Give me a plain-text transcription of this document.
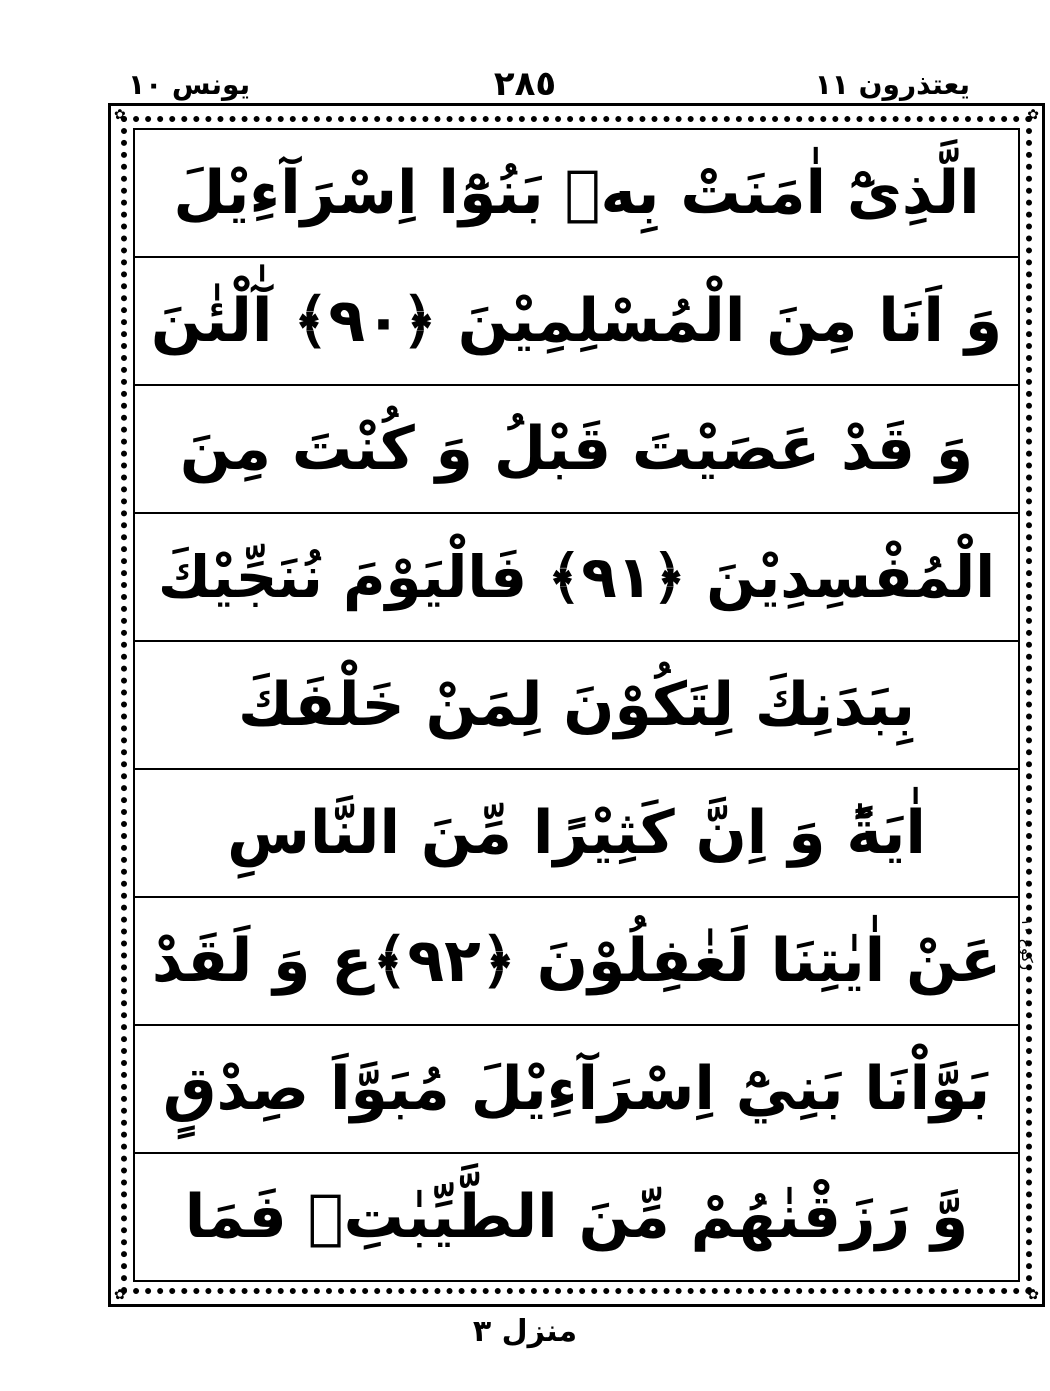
يعتذرون ١١
٢٨٥
يونس ١٠
✿	✿
✿	✿
الَّذِىْٓ اٰمَنَتْ بِهٖ بَنُوْٓا اِسْرَآءِيْلَ
وَ اَنَا مِنَ الْمُسْلِمِيْنَ ﴿٩٠﴾ آٰلْئٰنَ
وَ قَدْ عَصَيْتَ قَبْلُ وَ كُنْتَ مِنَ
الْمُفْسِدِيْنَ ﴿٩١﴾ فَالْيَوْمَ نُنَجِّيْكَ
بِبَدَنِكَ لِتَكُوْنَ لِمَنْ خَلْفَكَ
اٰيَةًؕ وَ اِنَّ كَثِيْرًا مِّنَ النَّاسِ
عَنْ اٰيٰتِنَا لَغٰفِلُوْنَ ﴿٩٢﴾ع وَ لَقَدْ
بَوَّاْنَا بَنِيْٓ اِسْرَآءِيْلَ مُبَوَّاَ صِدْقٍ
وَّ رَزَقْنٰهُمْ مِّنَ الطَّيِّبٰتِۚ فَمَا
ركوع ١٠
منزل ٣
